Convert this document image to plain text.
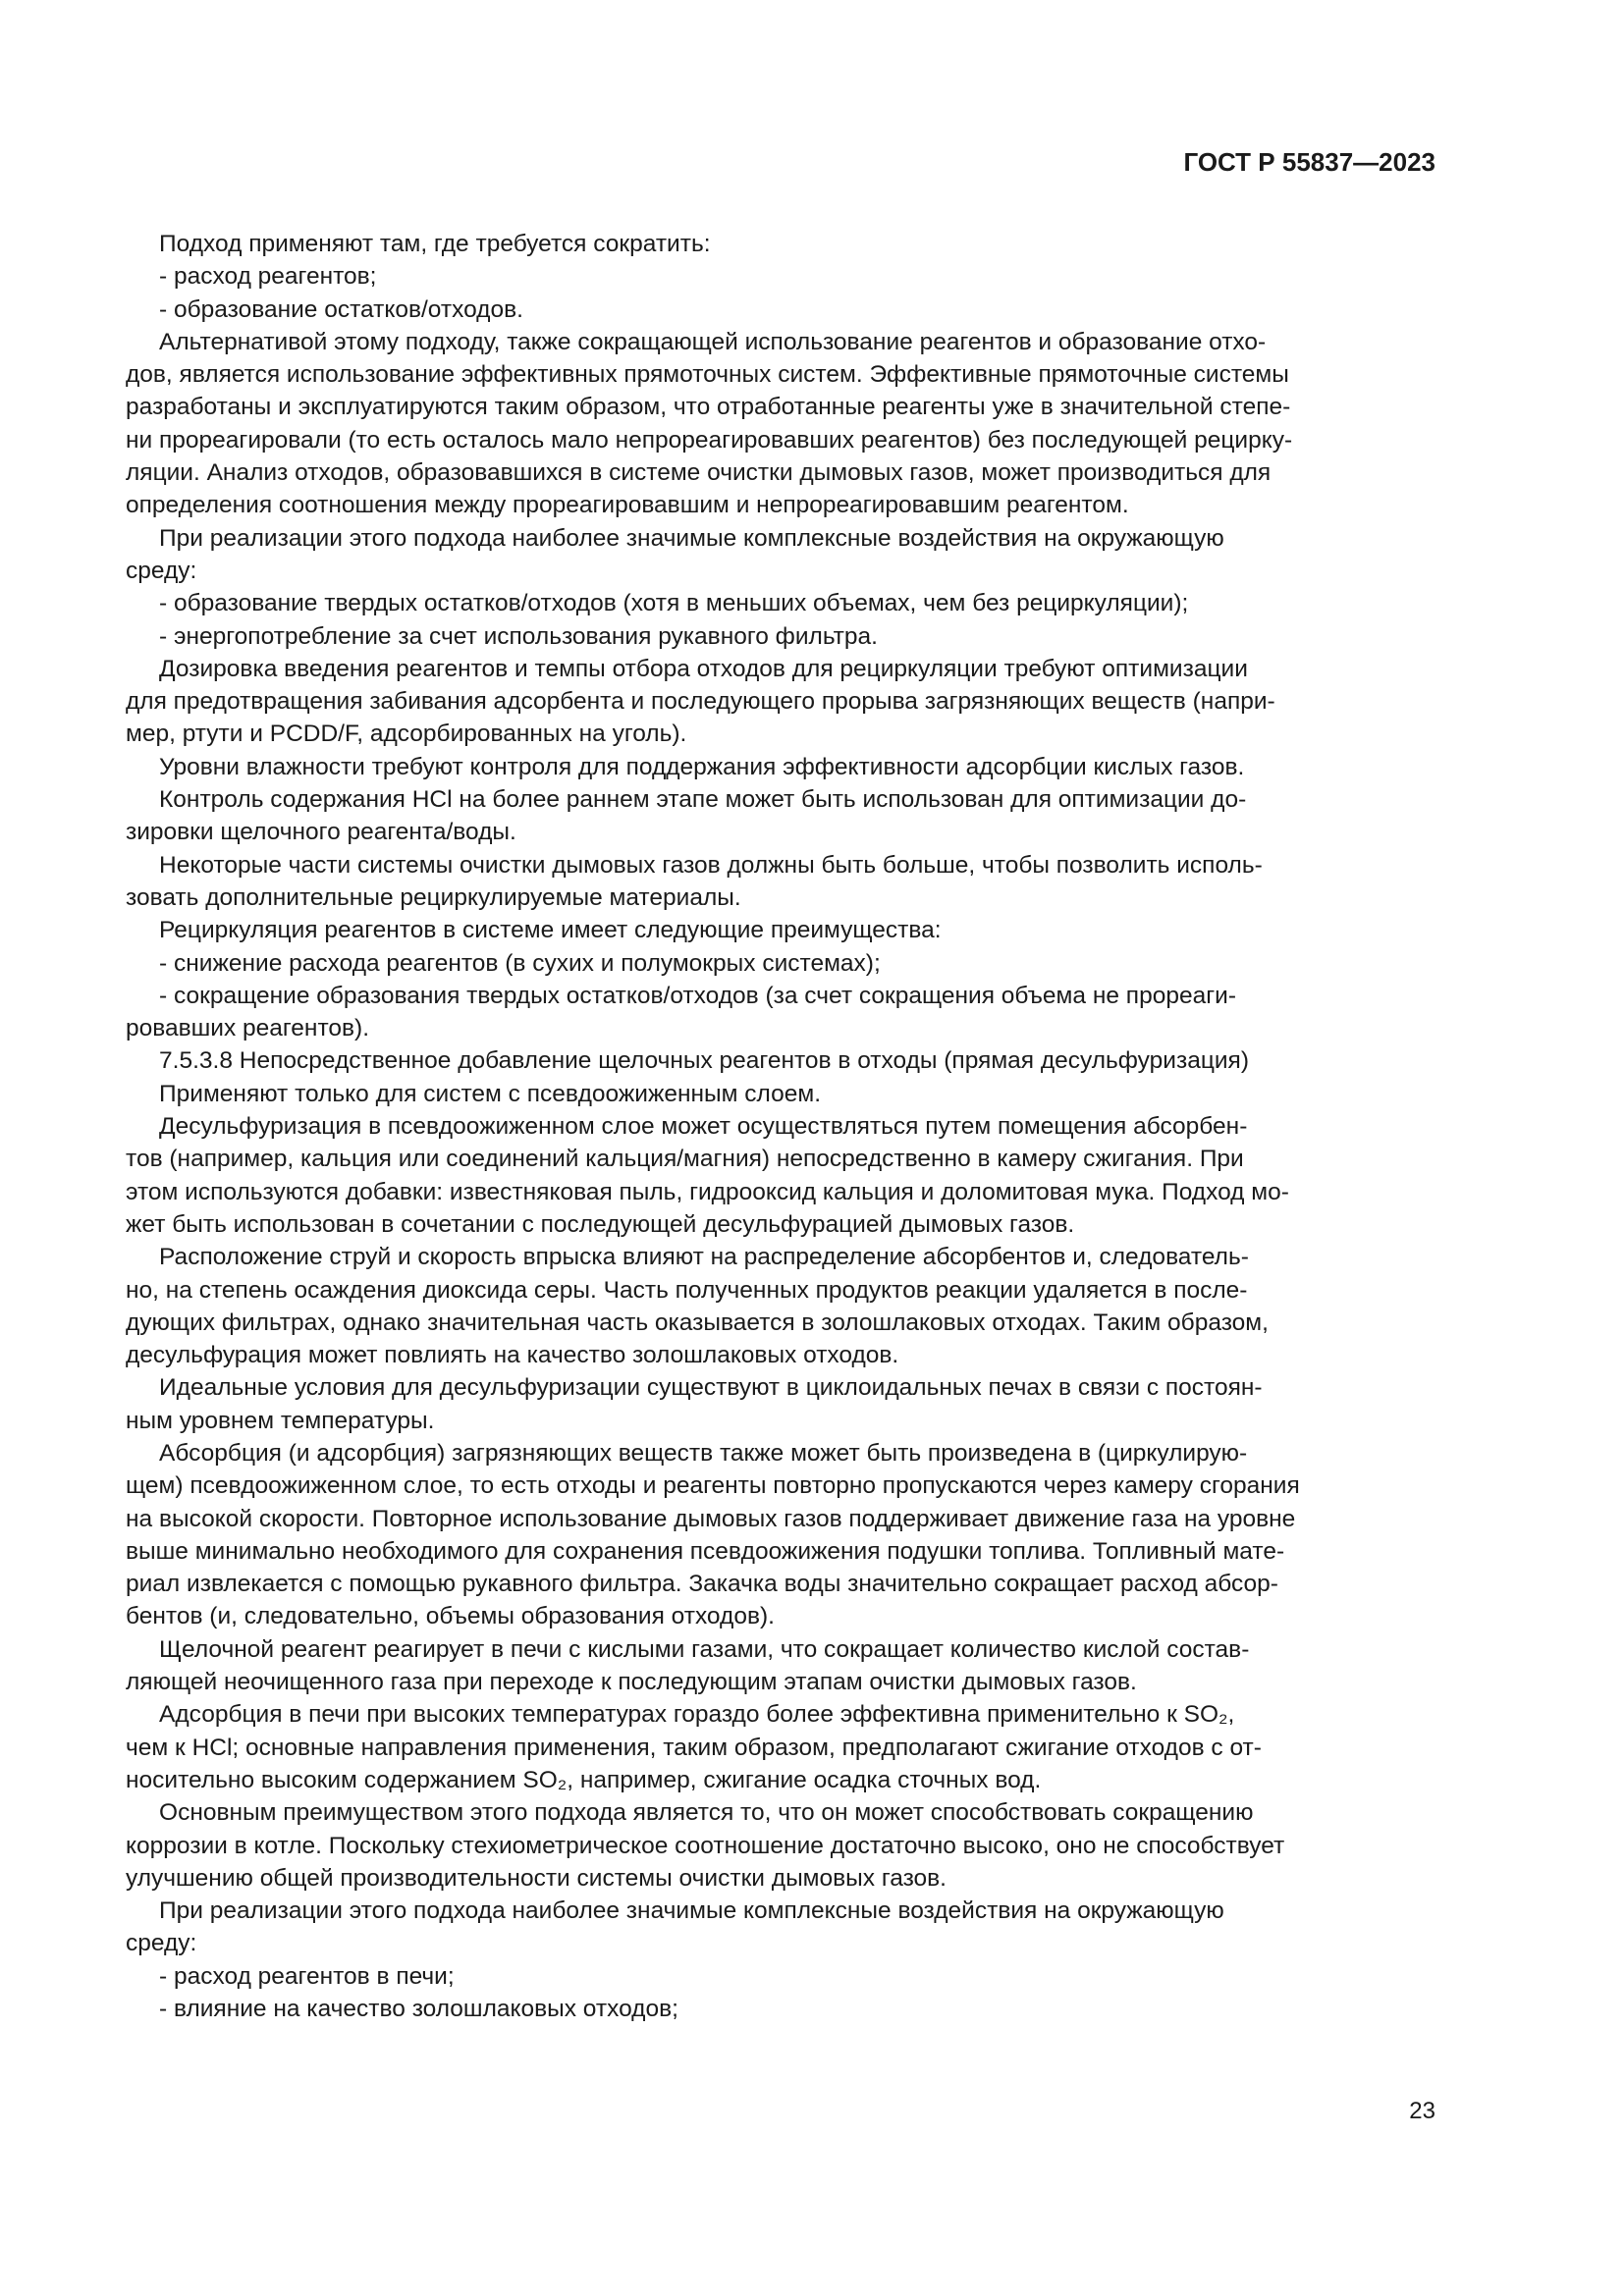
ГОСТ Р 55837—2023
Подход применяют там, где требуется сократить:
- расход реагентов;
- образование остатков/отходов.
Альтернативой этому подходу, также сокращающей использование реагентов и образование отхо-
дов, является использование эффективных прямоточных систем. Эффективные прямоточные системы
разработаны и эксплуатируются таким образом, что отработанные реагенты уже в значительной степе-
ни прореагировали (то есть осталось мало непрореагировавших реагентов) без последующей рецирку-
ляции. Анализ отходов, образовавшихся в системе очистки дымовых газов, может производиться для
определения соотношения между прореагировавшим и непрореагировавшим реагентом.
При реализации этого подхода наиболее значимые комплексные воздействия на окружающую
среду:
- образование твердых остатков/отходов (хотя в меньших объемах, чем без рециркуляции);
- энергопотребление за счет использования рукавного фильтра.
Дозировка введения реагентов и темпы отбора отходов для рециркуляции требуют оптимизации
для предотвращения забивания адсорбента и последующего прорыва загрязняющих веществ (напри-
мер, ртути и PCDD/F, адсорбированных на уголь).
Уровни влажности требуют контроля для поддержания эффективности адсорбции кислых газов.
Контроль содержания HCl на более раннем этапе может быть использован для оптимизации до-
зировки щелочного реагента/воды.
Некоторые части системы очистки дымовых газов должны быть больше, чтобы позволить исполь-
зовать дополнительные рециркулируемые материалы.
Рециркуляция реагентов в системе имеет следующие преимущества:
- снижение расхода реагентов (в сухих и полумокрых системах);
- сокращение образования твердых остатков/отходов (за счет сокращения объема не прореаги-
ровавших реагентов).
7.5.3.8 Непосредственное добавление щелочных реагентов в отходы (прямая десульфуризация)
Применяют только для систем с псевдоожиженным слоем.
Десульфуризация в псевдоожиженном слое может осуществляться путем помещения абсорбен-
тов (например, кальция или соединений кальция/магния) непосредственно в камеру сжигания. При
этом используются добавки: известняковая пыль, гидрооксид кальция и доломитовая мука. Подход мо-
жет быть использован в сочетании с последующей десульфурацией дымовых газов.
Расположение струй и скорость впрыска влияют на распределение абсорбентов и, следователь-
но, на степень осаждения диоксида серы. Часть полученных продуктов реакции удаляется в после-
дующих фильтрах, однако значительная часть оказывается в золошлаковых отходах. Таким образом,
десульфурация может повлиять на качество золошлаковых отходов.
Идеальные условия для десульфуризации существуют в циклоидальных печах в связи с постоян-
ным уровнем температуры.
Абсорбция (и адсорбция) загрязняющих веществ также может быть произведена в (циркулирую-
щем) псевдоожиженном слое, то есть отходы и реагенты повторно пропускаются через камеру сгорания
на высокой скорости. Повторное использование дымовых газов поддерживает движение газа на уровне
выше минимально необходимого для сохранения псевдоожижения подушки топлива. Топливный мате-
риал извлекается с помощью рукавного фильтра. Закачка воды значительно сокращает расход абсор-
бентов (и, следовательно, объемы образования отходов).
Щелочной реагент реагирует в печи с кислыми газами, что сокращает количество кислой состав-
ляющей неочищенного газа при переходе к последующим этапам очистки дымовых газов.
Адсорбция в печи при высоких температурах гораздо более эффективна применительно к SO₂,
чем к HCl; основные направления применения, таким образом, предполагают сжигание отходов с от-
носительно высоким содержанием SO₂, например, сжигание осадка сточных вод.
Основным преимуществом этого подхода является то, что он может способствовать сокращению
коррозии в котле. Поскольку стехиометрическое соотношение достаточно высоко, оно не способствует
улучшению общей производительности системы очистки дымовых газов.
При реализации этого подхода наиболее значимые комплексные воздействия на окружающую
среду:
- расход реагентов в печи;
- влияние на качество золошлаковых отходов;
23
